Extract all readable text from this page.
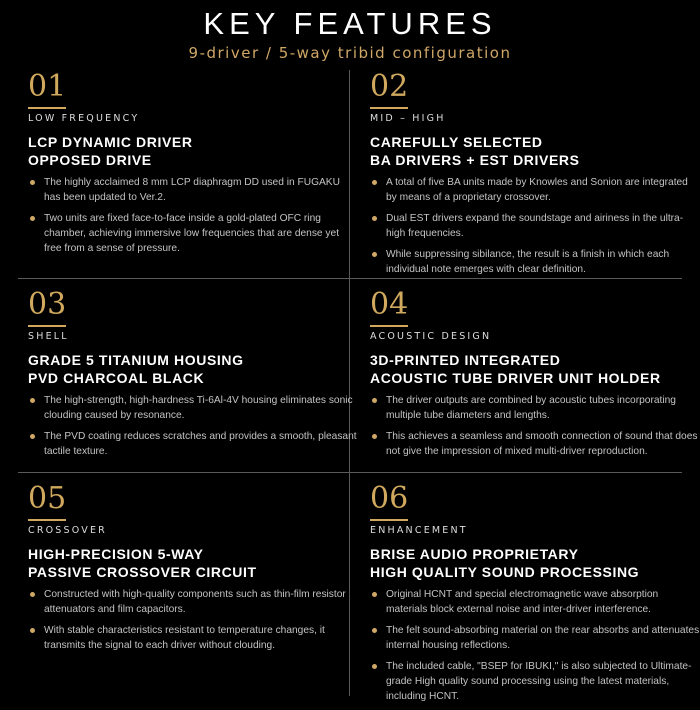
KEY FEATURES
9-driver / 5-way tribid configuration
01
LOW FREQUENCY
LCP DYNAMIC DRIVER
OPPOSED DRIVE
The highly acclaimed 8 mm LCP diaphragm DD used in FUGAKU has been updated to Ver.2.
Two units are fixed face-to-face inside a gold-plated OFC ring chamber, achieving immersive low frequencies that are dense yet free from a sense of pressure.
02
MID – HIGH
CAREFULLY SELECTED
BA DRIVERS + EST DRIVERS
A total of five BA units made by Knowles and Sonion are integrated by means of a proprietary crossover.
Dual EST drivers expand the soundstage and airiness in the ultra-high frequencies.
While suppressing sibilance, the result is a finish in which each individual note emerges with clear definition.
03
SHELL
GRADE 5 TITANIUM HOUSING
PVD CHARCOAL BLACK
The high-strength, high-hardness Ti-6Al-4V housing eliminates sonic clouding caused by resonance.
The PVD coating reduces scratches and provides a smooth, pleasant tactile texture.
04
ACOUSTIC DESIGN
3D-PRINTED INTEGRATED
ACOUSTIC TUBE DRIVER UNIT HOLDER
The driver outputs are combined by acoustic tubes incorporating multiple tube diameters and lengths.
This achieves a seamless and smooth connection of sound that does not give the impression of mixed multi-driver reproduction.
05
CROSSOVER
HIGH-PRECISION 5-WAY
PASSIVE CROSSOVER CIRCUIT
Constructed with high-quality components such as thin-film resistor attenuators and film capacitors.
With stable characteristics resistant to temperature changes, it transmits the signal to each driver without clouding.
06
ENHANCEMENT
BRISE AUDIO PROPRIETARY
HIGH QUALITY SOUND PROCESSING
Original HCNT and special electromagnetic wave absorption materials block external noise and inter-driver interference.
The felt sound-absorbing material on the rear absorbs and attenuates internal housing reflections.
The included cable, "BSEP for IBUKI," is also subjected to Ultimate-grade High quality sound processing using the latest materials, including HCNT.
